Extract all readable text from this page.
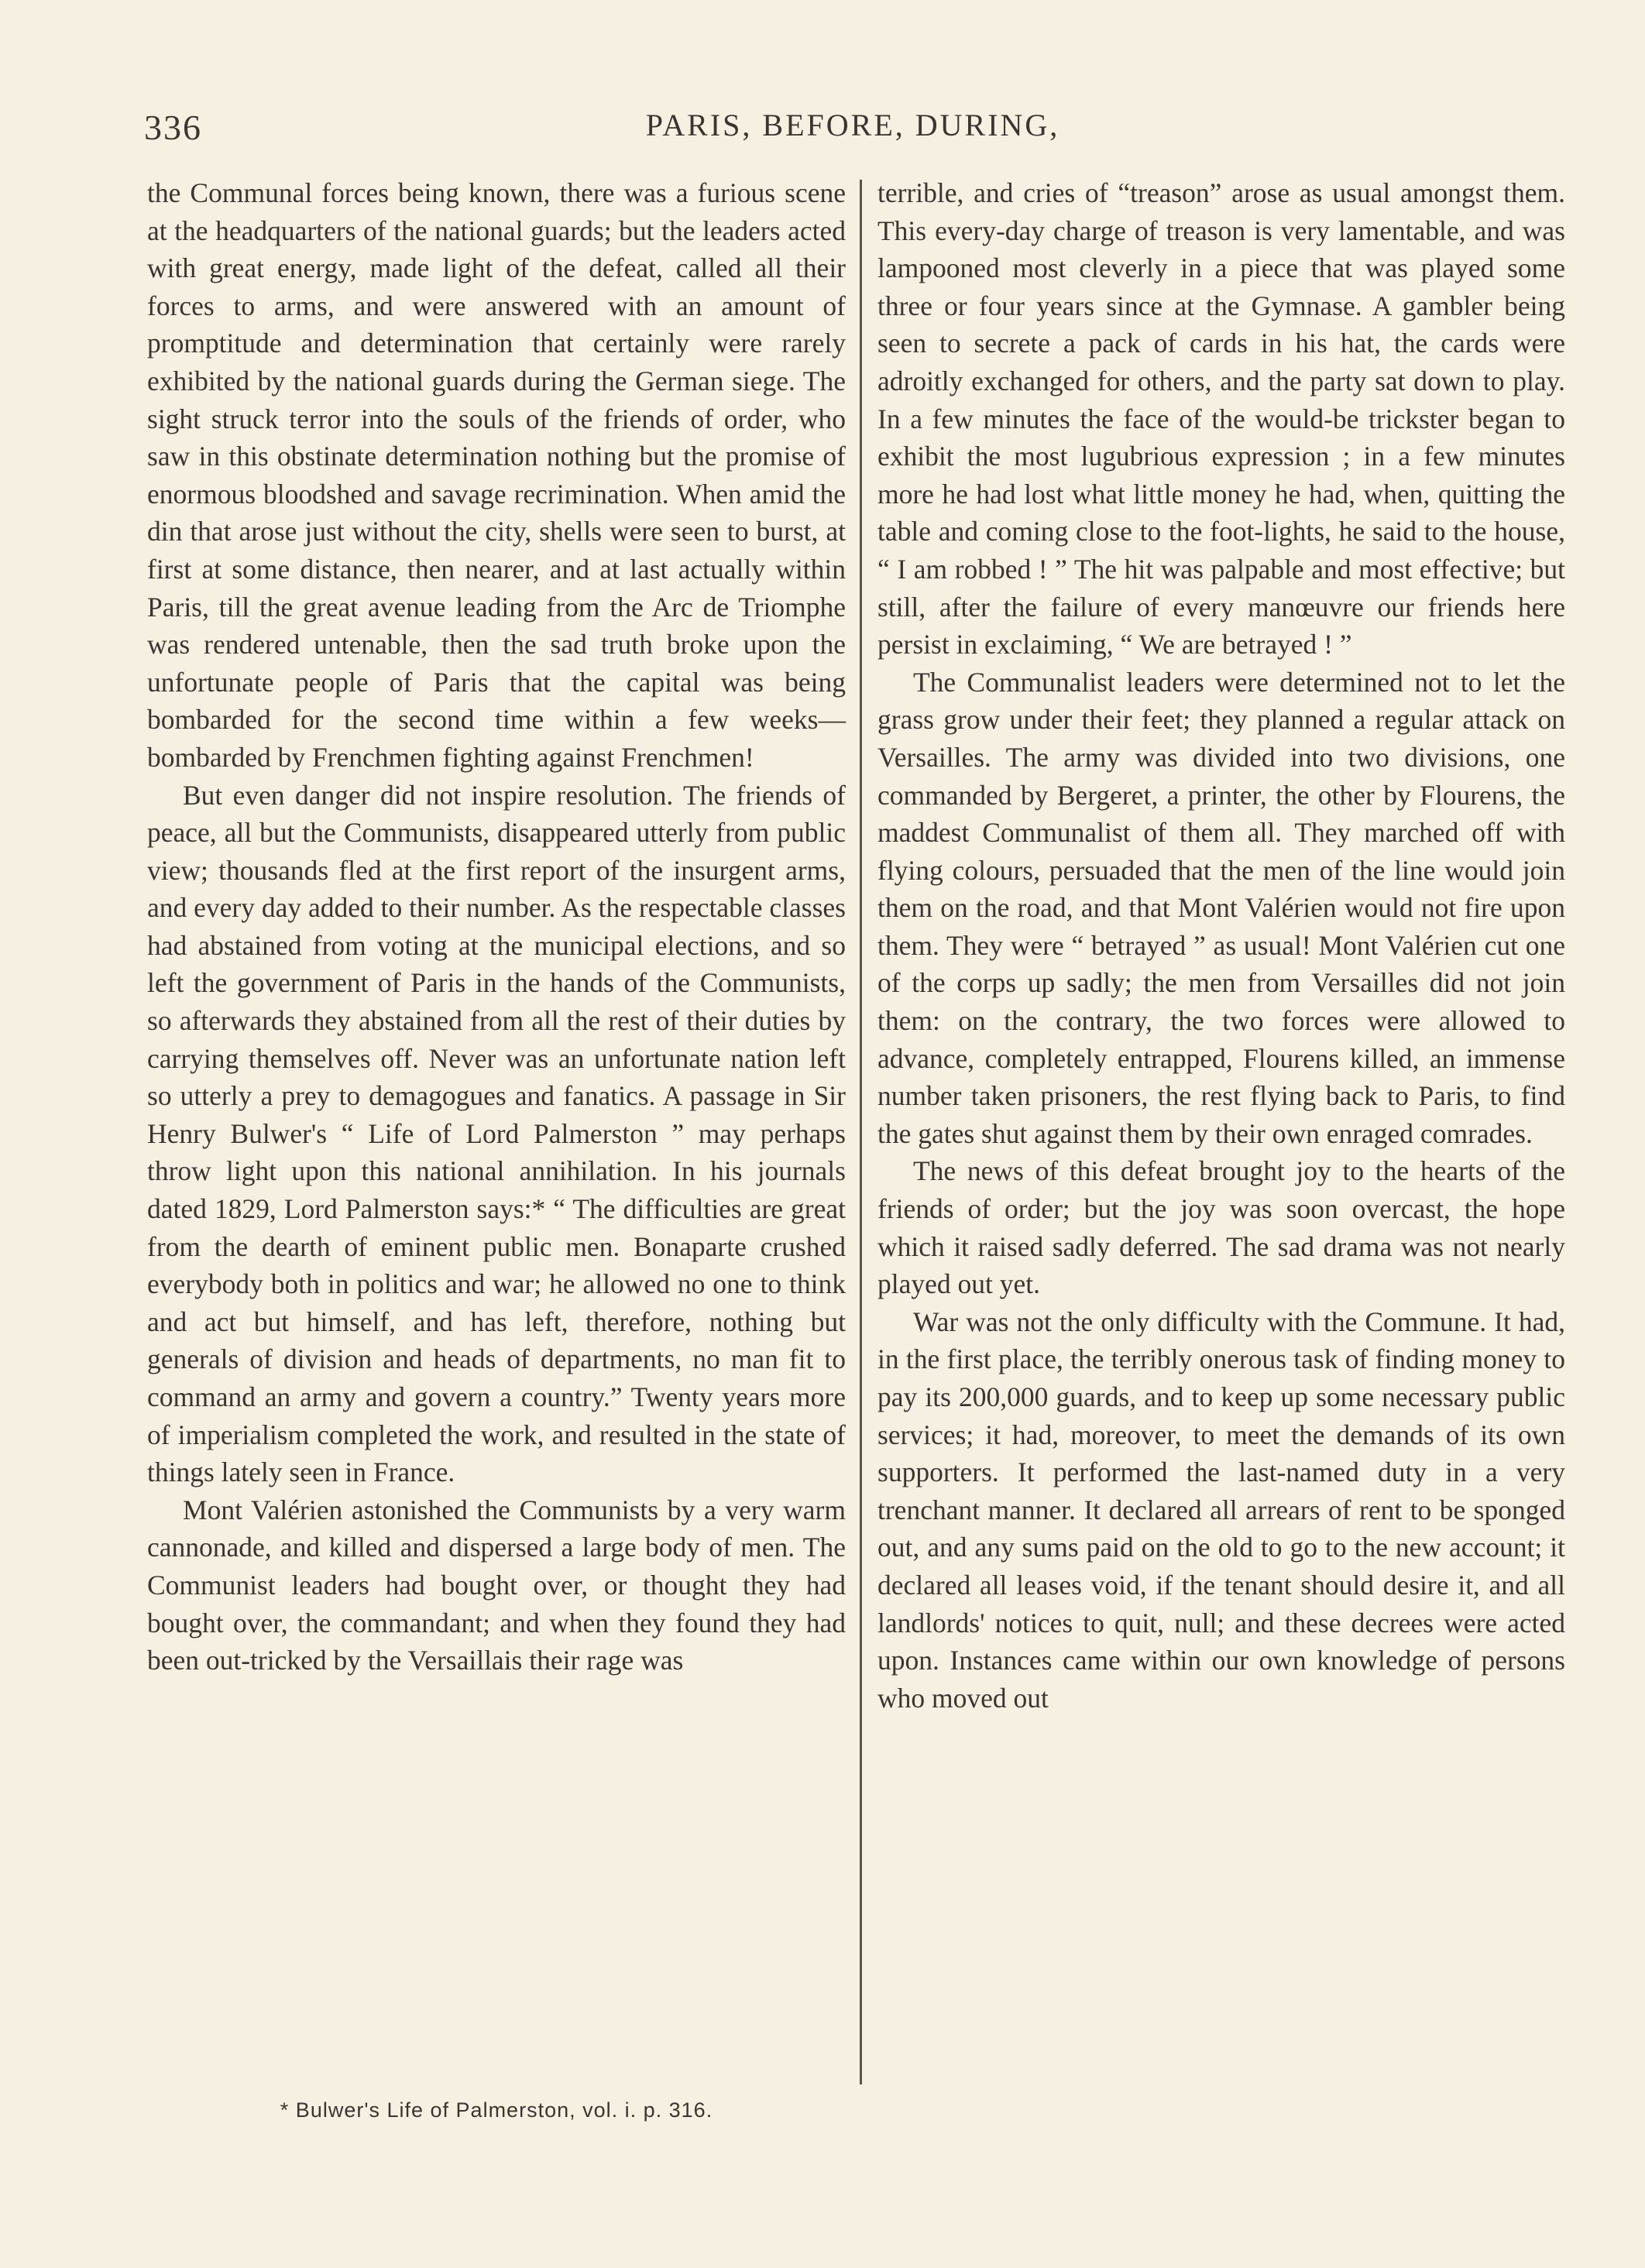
336	PARIS, BEFORE, DURING,

the Communal forces being known, there was a furious scene at the headquarters of the national guards; but the leaders acted with great energy, made light of the defeat, called all their forces to arms, and were answered with an amount of promptitude and determination that certainly were rarely exhibited by the national guards during the German siege. The sight struck terror into the souls of the friends of order, who saw in this obstinate determination nothing but the promise of enormous bloodshed and savage recrimination. When amid the din that arose just without the city, shells were seen to burst, at first at some distance, then nearer, and at last actually within Paris, till the great avenue leading from the Arc de Triomphe was rendered untenable, then the sad truth broke upon the unfortunate people of Paris that the capital was being bombarded for the second time within a few weeks—bombarded by Frenchmen fighting against Frenchmen!

But even danger did not inspire resolution. The friends of peace, all but the Communists, disappeared utterly from public view; thousands fled at the first report of the insurgent arms, and every day added to their number. As the respectable classes had abstained from voting at the municipal elections, and so left the government of Paris in the hands of the Communists, so afterwards they abstained from all the rest of their duties by carrying themselves off. Never was an unfortunate nation left so utterly a prey to demagogues and fanatics. A passage in Sir Henry Bulwer's “ Life of Lord Palmerston ” may perhaps throw light upon this national annihilation. In his journals dated 1829, Lord Palmerston says:* “ The difficulties are great from the dearth of eminent public men. Bonaparte crushed everybody both in politics and war; he allowed no one to think and act but himself, and has left, therefore, nothing but generals of division and heads of departments, no man fit to command an army and govern a country.” Twenty years more of imperialism completed the work, and resulted in the state of things lately seen in France.

Mont Valérien astonished the Communists by a very warm cannonade, and killed and dispersed a large body of men. The Communist leaders had bought over, or thought they had bought over, the commandant; and when they found they had been out-tricked by the Versaillais their rage was

terrible, and cries of “treason” arose as usual amongst them. This every-day charge of treason is very lamentable, and was lampooned most cleverly in a piece that was played some three or four years since at the Gymnase. A gambler being seen to secrete a pack of cards in his hat, the cards were adroitly exchanged for others, and the party sat down to play. In a few minutes the face of the would-be trickster began to exhibit the most lugubrious expression ; in a few minutes more he had lost what little money he had, when, quitting the table and coming close to the foot-lights, he said to the house, “ I am robbed ! ” The hit was palpable and most effective; but still, after the failure of every manœuvre our friends here persist in exclaiming, “ We are betrayed ! ”

The Communalist leaders were determined not to let the grass grow under their feet; they planned a regular attack on Versailles. The army was divided into two divisions, one commanded by Bergeret, a printer, the other by Flourens, the maddest Communalist of them all. They marched off with flying colours, persuaded that the men of the line would join them on the road, and that Mont Valérien would not fire upon them. They were “ betrayed ” as usual! Mont Valérien cut one of the corps up sadly; the men from Versailles did not join them: on the contrary, the two forces were allowed to advance, completely entrapped, Flourens killed, an immense number taken prisoners, the rest flying back to Paris, to find the gates shut against them by their own enraged comrades.

The news of this defeat brought joy to the hearts of the friends of order; but the joy was soon overcast, the hope which it raised sadly deferred. The sad drama was not nearly played out yet.

War was not the only difficulty with the Commune. It had, in the first place, the terribly onerous task of finding money to pay its 200,000 guards, and to keep up some necessary public services; it had, moreover, to meet the demands of its own supporters. It performed the last-named duty in a very trenchant manner. It declared all arrears of rent to be sponged out, and any sums paid on the old to go to the new account; it declared all leases void, if the tenant should desire it, and all landlords' notices to quit, null; and these decrees were acted upon. Instances came within our own knowledge of persons who moved out

* Bulwer's Life of Palmerston, vol. i. p. 316.
